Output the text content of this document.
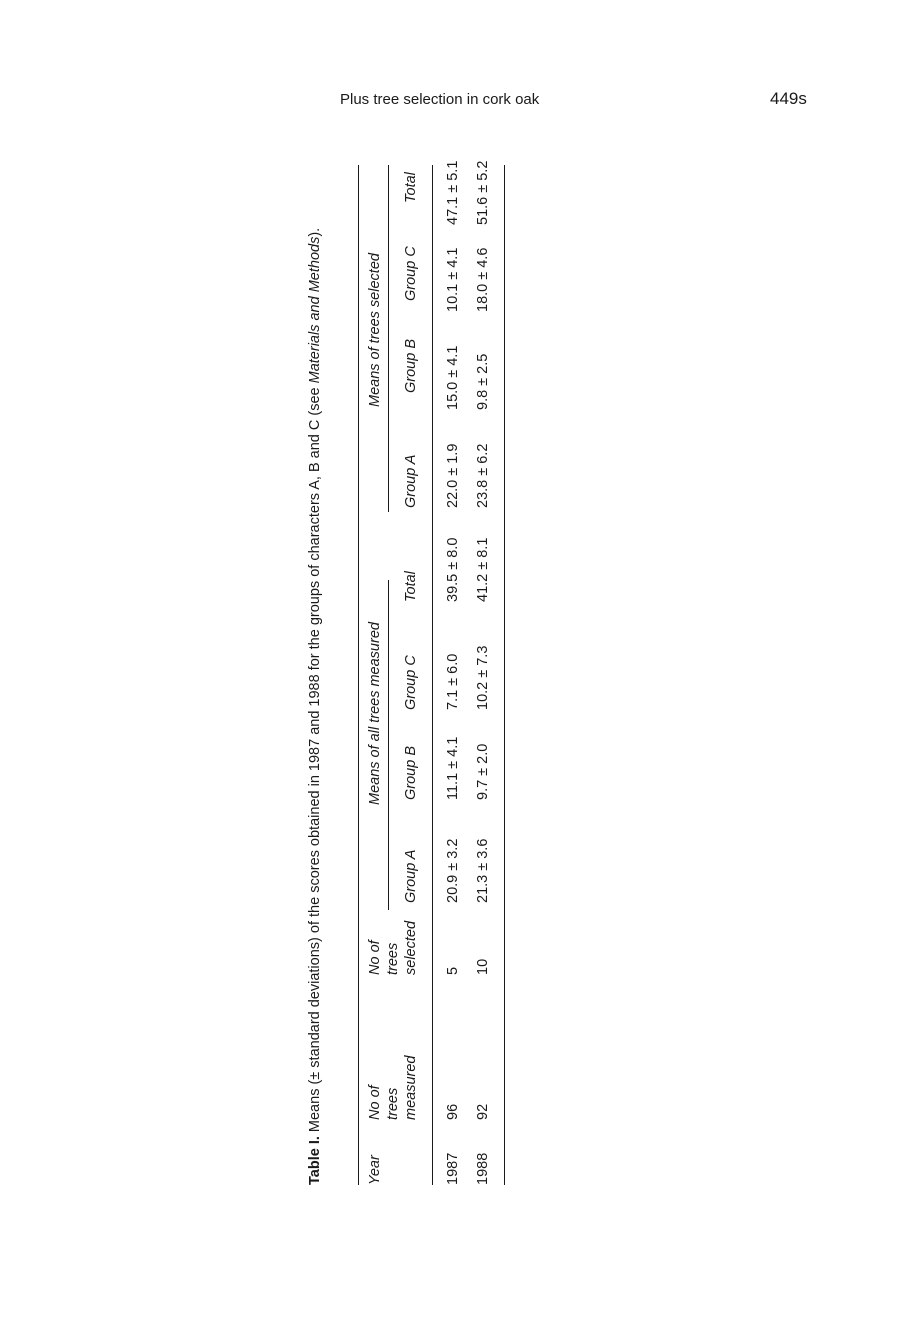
Plus tree selection in cork oak	449s
Table I. Means (± standard deviations) of the scores obtained in 1987 and 1988 for the groups of characters A, B and C (see Materials and Methods).
Year
No of trees measured
No of trees selected
Means of all trees measured
Means of trees selected
Group A
Group B
Group C
Total
Group A
Group B
Group C
Total
1987
96
5
20.9 ± 3.2
11.1 ± 4.1
7.1 ± 6.0
39.5 ± 8.0
22.0 ± 1.9
15.0 ± 4.1
10.1 ± 4.1
47.1 ± 5.1
1988
92
10
21.3 ± 3.6
9.7 ± 2.0
10.2 ± 7.3
41.2 ± 8.1
23.8 ± 6.2
9.8 ± 2.5
18.0 ± 4.6
51.6 ± 5.2
